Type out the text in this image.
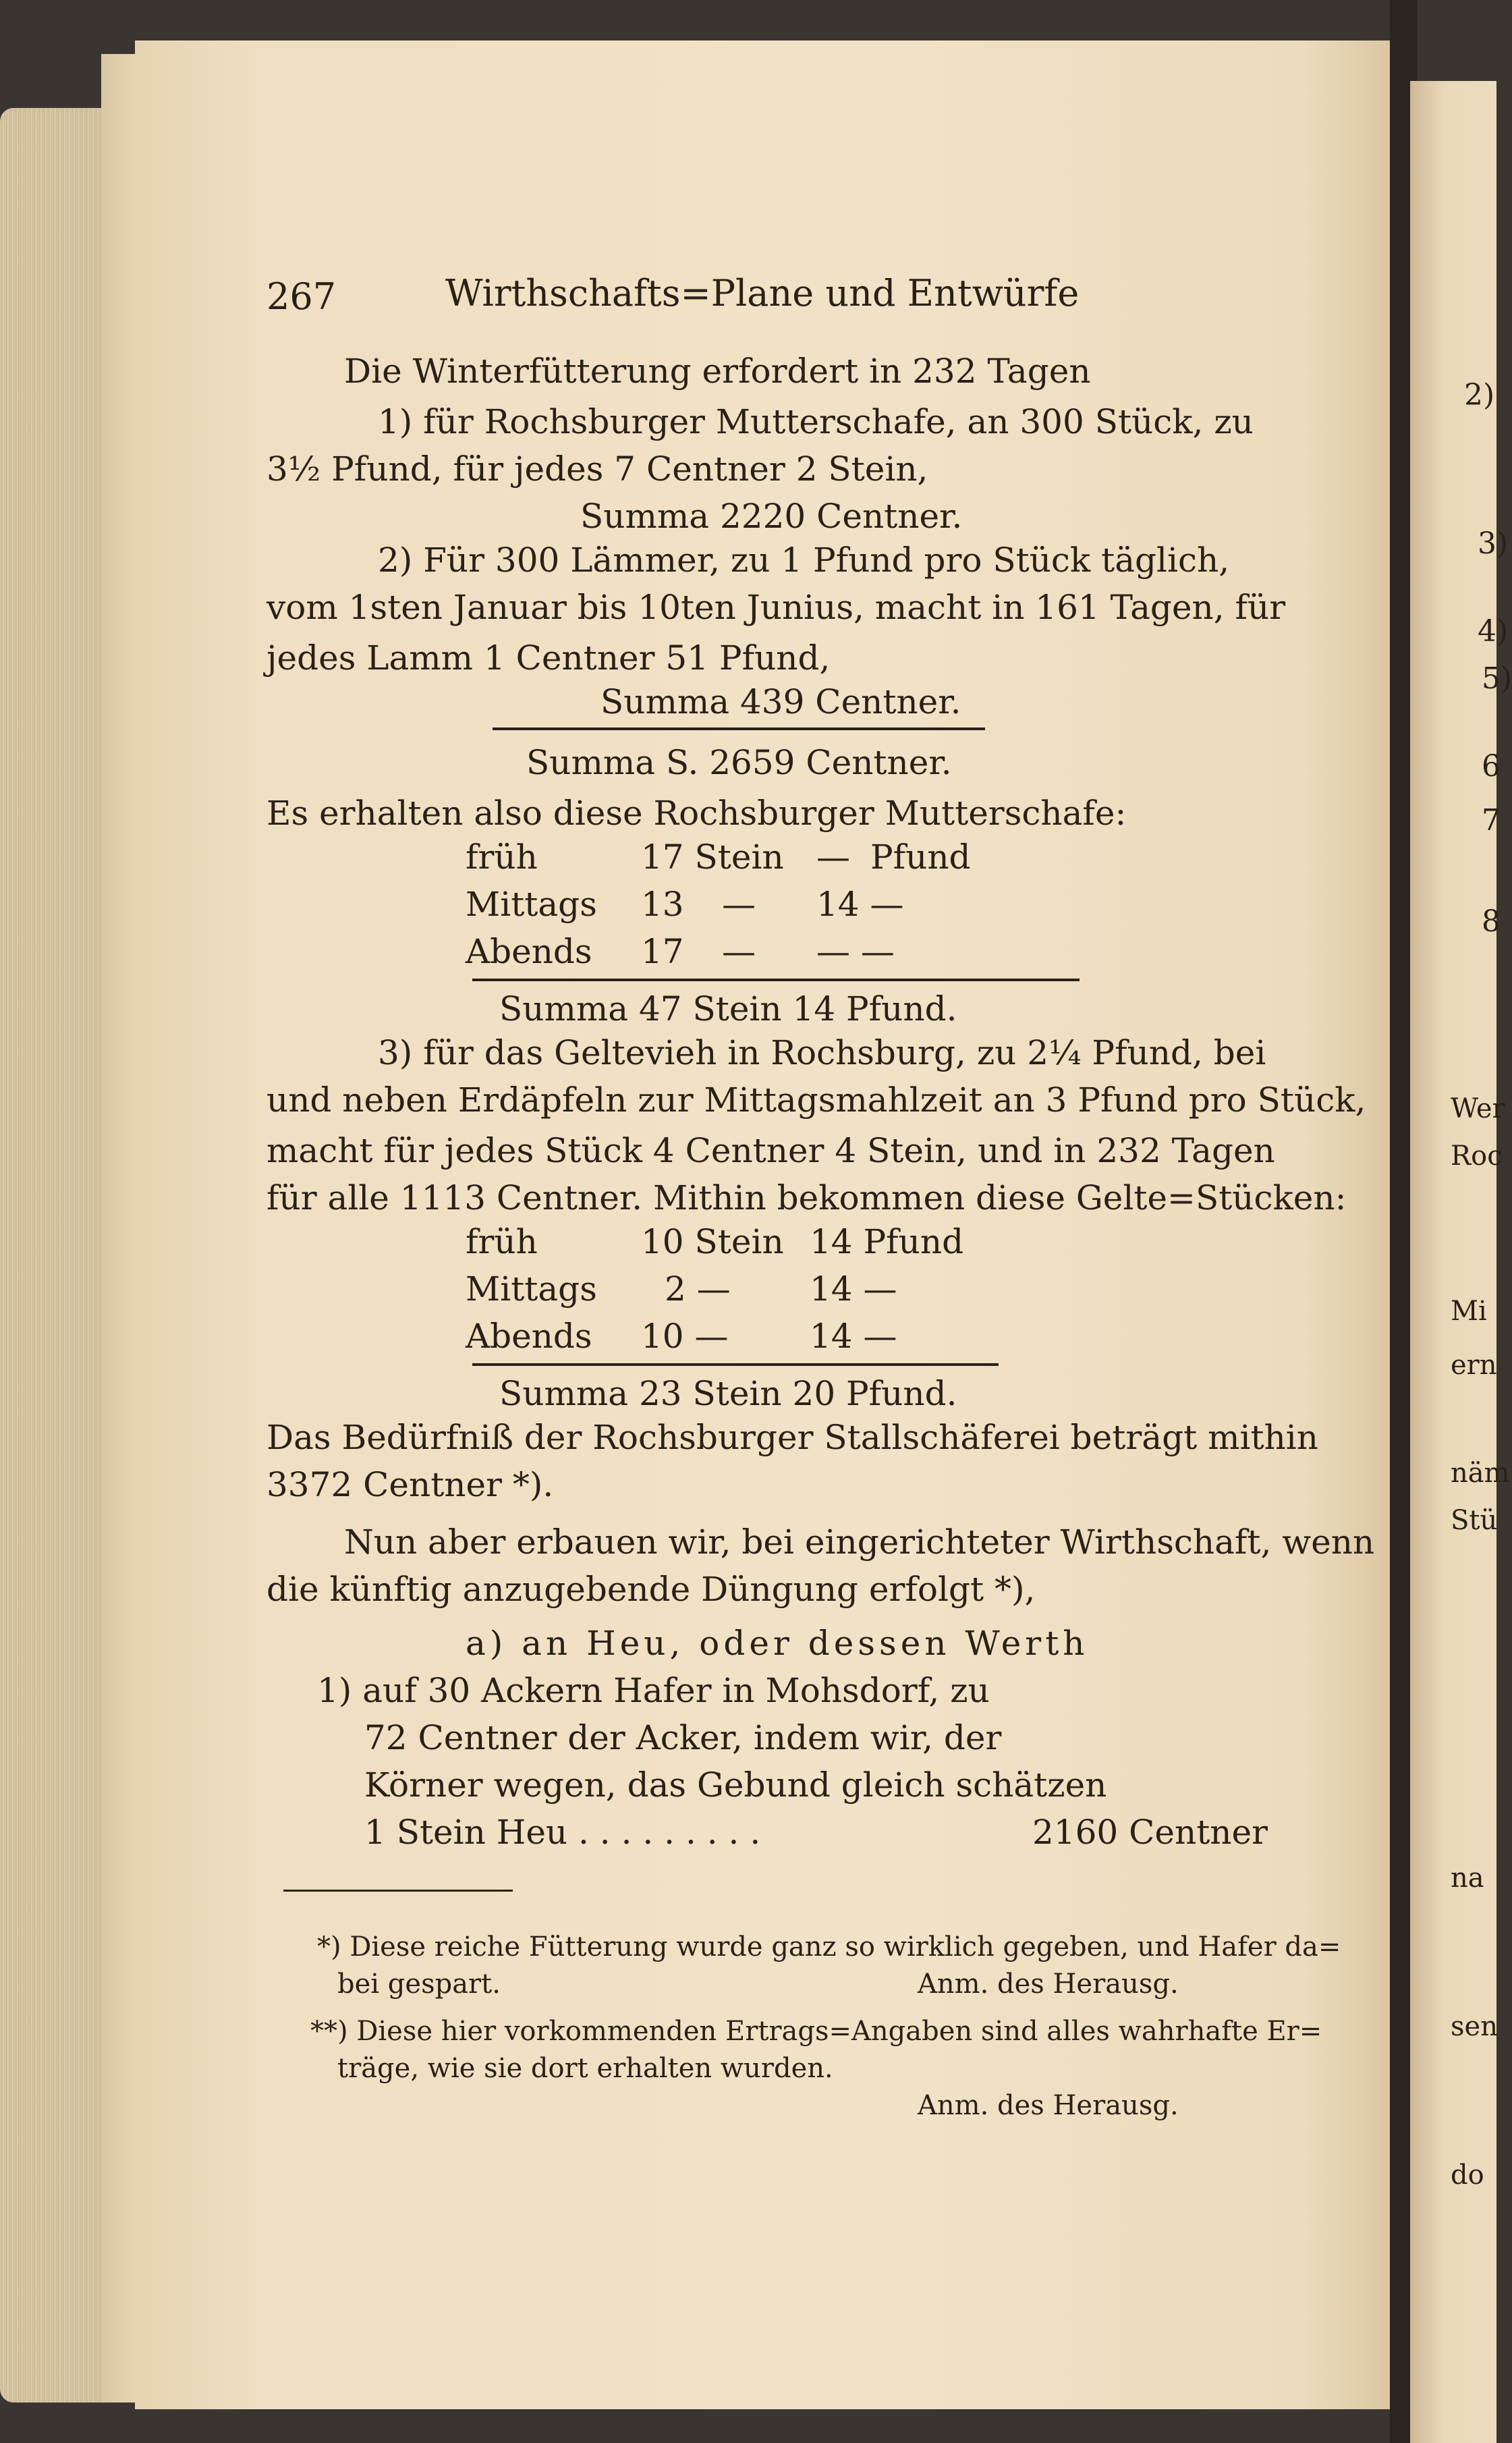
2)
3)
4)
5)
6
7
8
Wer
Roc
Mi
ern
näm
Stü
na
sen
do
267	Wirthschafts=Plane und Entwürfe
Die Winterfütterung erfordert in 232 Tagen
1) für Rochsburger Mutterschafe, an 300 Stück, zu
3½ Pfund, für jedes 7 Centner 2 Stein,
Summa 2220 Centner.
2) Für 300 Lämmer, zu 1 Pfund pro Stück täglich,
vom 1sten Januar bis 10ten Junius, macht in 161 Tagen, für
jedes Lamm 1 Centner 51 Pfund,
Summa 439 Centner.
Summa S. 2659 Centner.
Es erhalten also diese Rochsburger Mutterschafe:
früh	17 Stein — Pfund
Mittags 13 — 14 —
Abends 17 — — —
Summa 47 Stein 14 Pfund.
3) für das Geltevieh in Rochsburg, zu 2¼ Pfund, bei
und neben Erdäpfeln zur Mittagsmahlzeit an 3 Pfund pro Stück,
macht für jedes Stück 4 Centner 4 Stein, und in 232 Tagen
für alle 1113 Centner. Mithin bekommen diese Gelte=Stücken:
früh	10 Stein 14 Pfund
Mittags 2 — 14 —
Abends 10 — 14 —
Summa 23 Stein 20 Pfund.
Das Bedürfniß der Rochsburger Stallschäferei beträgt mithin
3372 Centner *).
Nun aber erbauen wir, bei eingerichteter Wirthschaft, wenn
die künftig anzugebende Düngung erfolgt *),
a) an Heu, oder dessen Werth
1) auf 30 Ackern Hafer in Mohsdorf, zu
72 Centner der Acker, indem wir, der
Körner wegen, das Gebund gleich schätzen
1 Stein Heu . . . . . . . . .	2160 Centner
*) Diese reiche Fütterung wurde ganz so wirklich gegeben, und Hafer da=
bei gespart.	Anm. des Herausg.
**) Diese hier vorkommenden Ertrags=Angaben sind alles wahrhafte Er=
träge, wie sie dort erhalten wurden.
Anm. des Herausg.
